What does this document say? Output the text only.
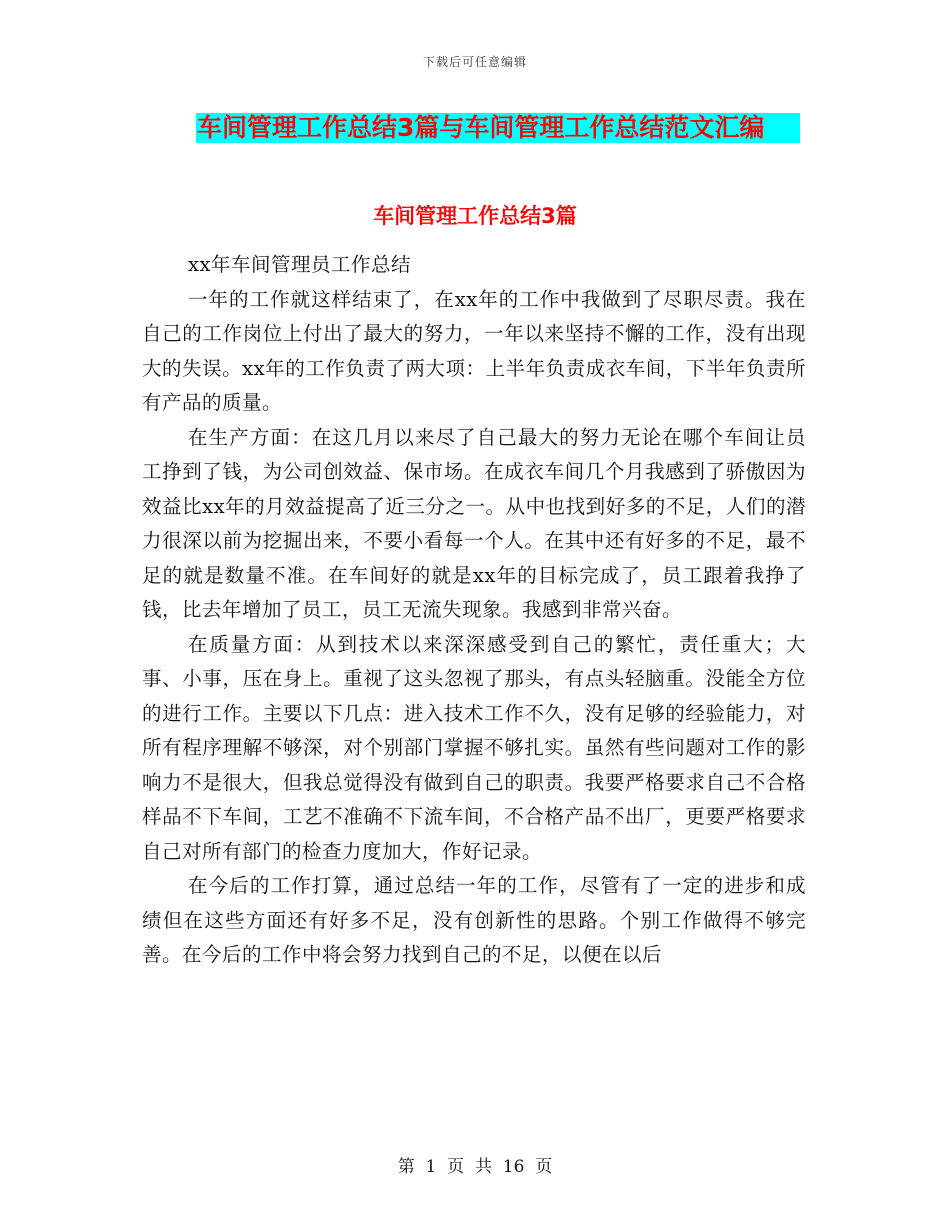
下载后可任意编辑
车间管理工作总结3篇与车间管理工作总结范文汇编
车间管理工作总结3篇

xx年车间管理员工作总结

一年的工作就这样结束了，在xx年的工作中我做到了尽职尽责。我在自己的工作岗位上付出了最大的努力，一年以来坚持不懈的工作，没有出现大的失误。xx年的工作负责了两大项：上半年负责成衣车间，下半年负责所有产品的质量。

在生产方面：在这几月以来尽了自己最大的努力无论在哪个车间让员工挣到了钱，为公司创效益、保市场。在成衣车间几个月我感到了骄傲因为效益比xx年的月效益提高了近三分之一。从中也找到好多的不足，人们的潜力很深以前为挖掘出来，不要小看每一个人。在其中还有好多的不足，最不足的就是数量不准。在车间好的就是xx年的目标完成了，员工跟着我挣了钱，比去年增加了员工，员工无流失现象。我感到非常兴奋。

在质量方面：从到技术以来深深感受到自己的繁忙，责任重大；大事、小事，压在身上。重视了这头忽视了那头，有点头轻脑重。没能全方位的进行工作。主要以下几点：进入技术工作不久，没有足够的经验能力，对所有程序理解不够深，对个别部门掌握不够扎实。虽然有些问题对工作的影响力不是很大，但我总觉得没有做到自己的职责。我要严格要求自己不合格样品不下车间，工艺不准确不下流车间，不合格产品不出厂，更要严格要求自己对所有部门的检查力度加大，作好记录。

在今后的工作打算，通过总结一年的工作，尽管有了一定的进步和成绩但在这些方面还有好多不足，没有创新性的思路。个别工作做得不够完善。在今后的工作中将会努力找到自己的不足，以便在以后

第  1  页  共  16  页
